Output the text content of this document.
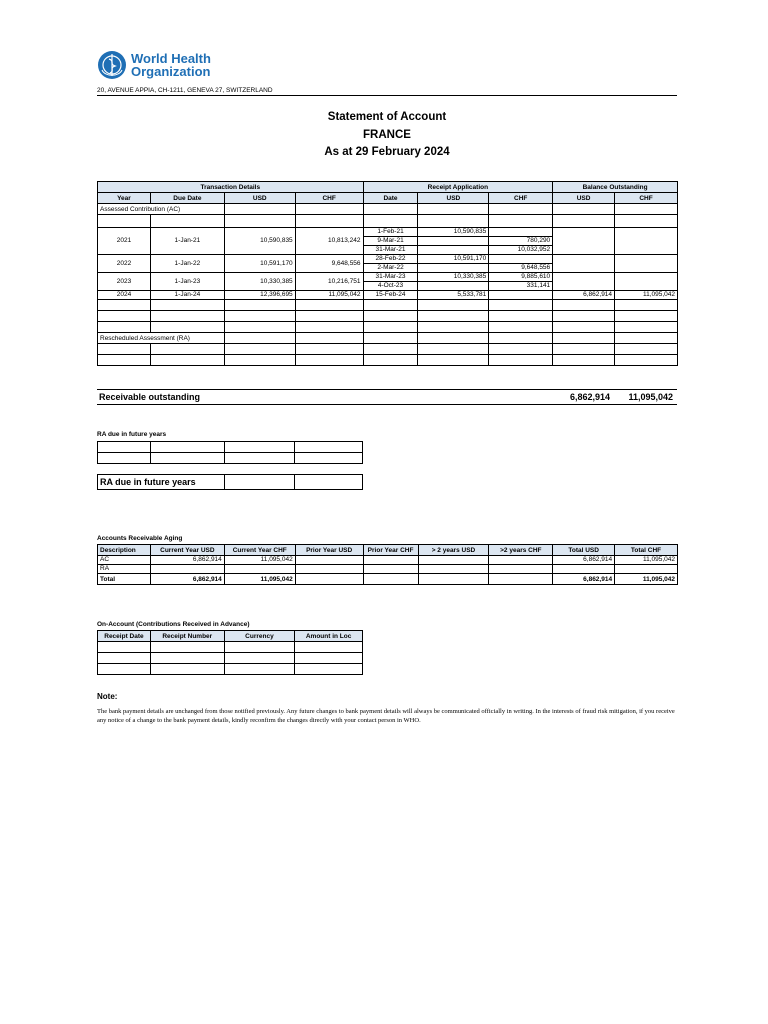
World Health
Organization
20, AVENUE APPIA, CH-1211, GENEVA 27, SWITZERLAND
Statement of Account
FRANCE
As at 29 February 2024
Transaction Details				Receipt Application			Balance Outstanding	
Year	Due Date	USD	CHF	Date	USD	CHF	USD	CHF
Assessed Contribution (AC)								

2021	1-Jan-21	10,590,835	10,813,242	1-Feb-21	10,590,835			
				9-Mar-21		780,290		
				31-Mar-21		10,032,952		
2022	1-Jan-22	10,591,170	9,648,556	28-Feb-22	10,591,170			
				2-Mar-22		9,648,556		
2023	1-Jan-23	10,330,385	10,216,751	31-Mar-23	10,330,385	9,885,610		
				4-Oct-23		331,141		
2024	1-Jan-24	12,396,695	11,095,042	15-Feb-24	5,533,781		6,862,914	11,095,042

Rescheduled Assessment (RA)								

Receivable outstanding	6,862,914 11,095,042
RA due in future years

RA due in future years		
Accounts Receivable Aging
Description	Current Year USD	Current Year CHF	Prior Year USD	Prior Year CHF	> 2 years USD	>2 years CHF	Total USD	Total CHF
AC	6,862,914	11,095,042					6,862,914	11,095,042
RA								
Total	6,862,914	11,095,042					6,862,914	11,095,042
On-Account (Contributions Received in Advance)
Receipt Date	Receipt Number	Currency	Amount in Loc

Note:
The bank payment details are unchanged from those notified previously. Any future changes to bank payment details will always be communicated officially in writing. In the interests of fraud risk mitigation, if you receive any notice of a change to the bank payment details, kindly reconfirm the changes directly with your contact person in WHO.
